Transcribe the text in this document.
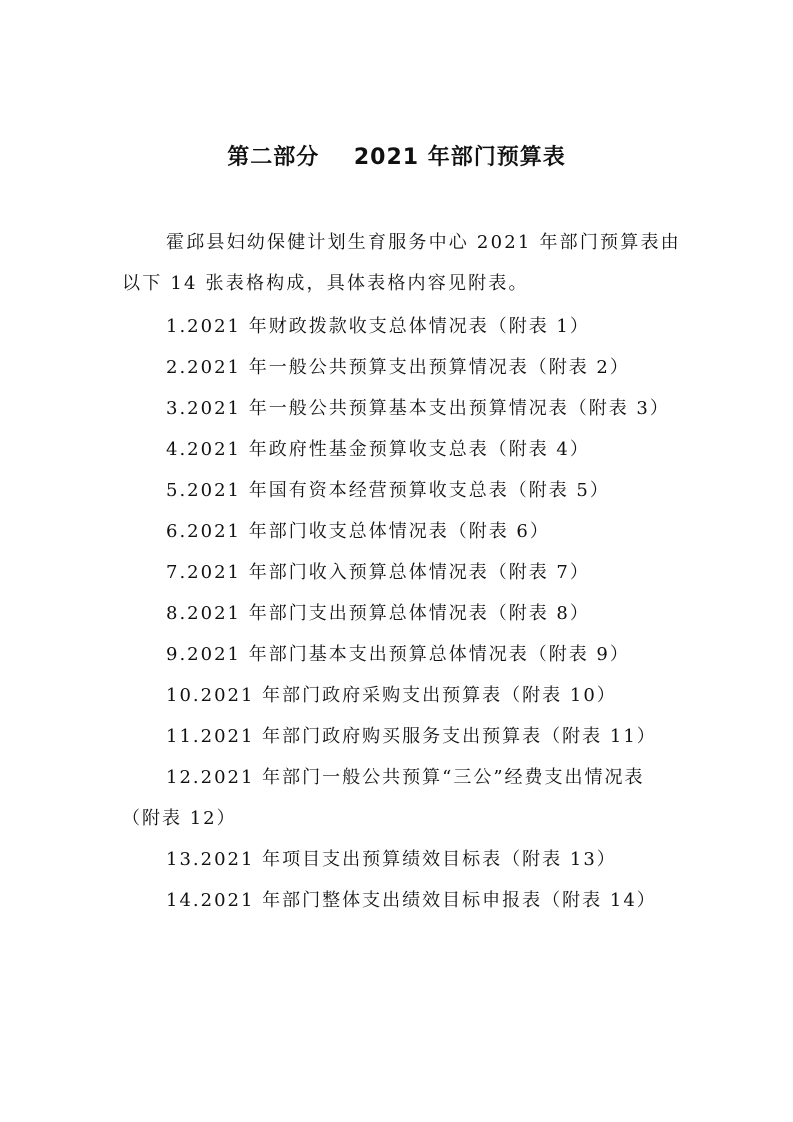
第二部分    2021 年部门预算表

霍邱县妇幼保健计划生育服务中心 2021 年部门预算表由以下 14 张表格构成，具体表格内容见附表。

1.2021 年财政拨款收支总体情况表（附表 1）
2.2021 年一般公共预算支出预算情况表（附表 2）
3.2021 年一般公共预算基本支出预算情况表（附表 3）
4.2021 年政府性基金预算收支总表（附表 4）
5.2021 年国有资本经营预算收支总表（附表 5）
6.2021 年部门收支总体情况表（附表 6）
7.2021 年部门收入预算总体情况表（附表 7）
8.2021 年部门支出预算总体情况表（附表 8）
9.2021 年部门基本支出预算总体情况表（附表 9）
10.2021 年部门政府采购支出预算表（附表 10）
11.2021 年部门政府购买服务支出预算表（附表 11）
12.2021 年部门一般公共预算“三公”经费支出情况表（附表 12）
13.2021 年项目支出预算绩效目标表（附表 13）
14.2021 年部门整体支出绩效目标申报表（附表 14）
